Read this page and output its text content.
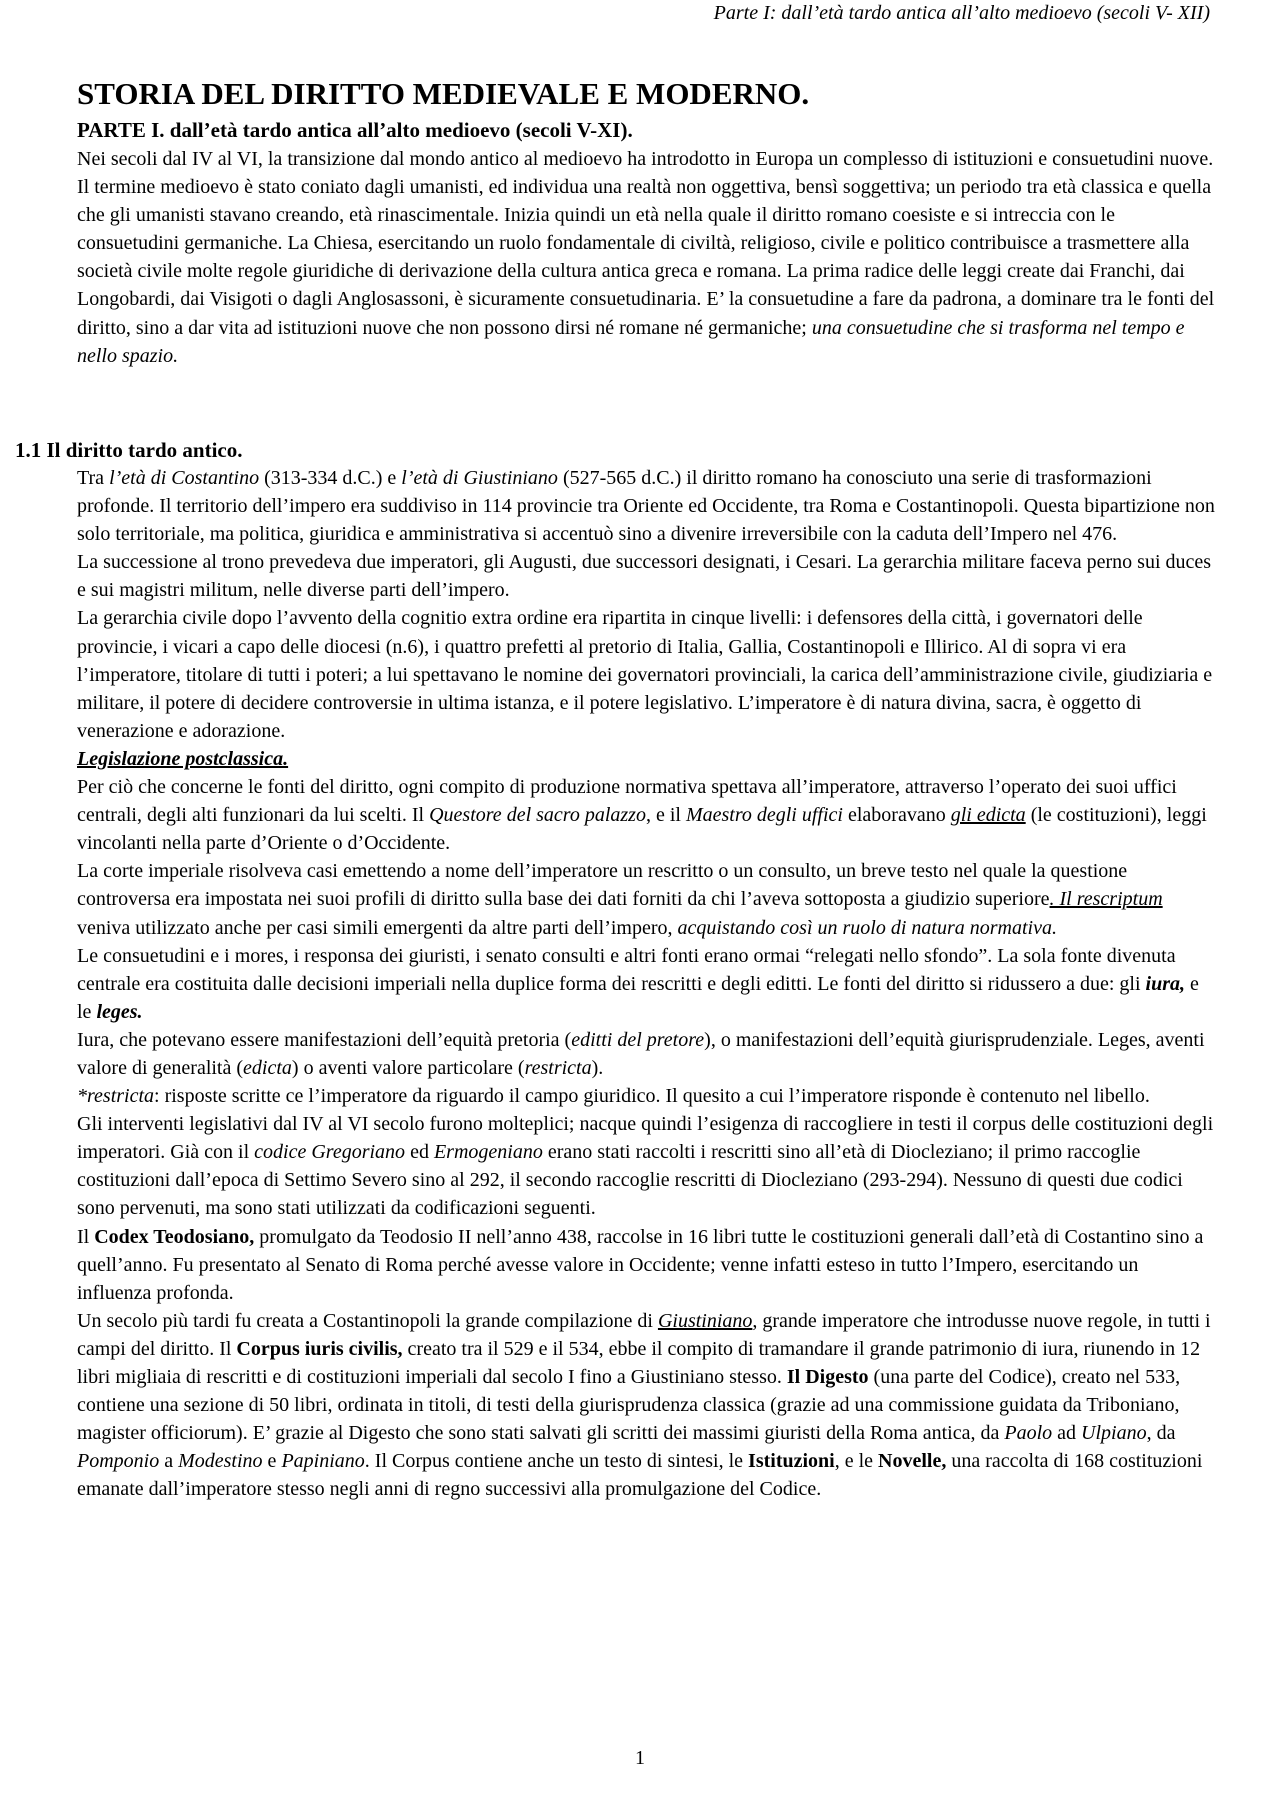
Parte I: dall’età tardo antica all’alto medioevo (secoli V- XII)
STORIA DEL DIRITTO MEDIEVALE E MODERNO.
PARTE I. dall’età tardo antica all’alto medioevo (secoli V-XI).
Nei secoli dal IV al VI, la transizione dal mondo antico al medioevo ha introdotto in Europa un complesso di istituzioni e consuetudini nuove. Il termine medioevo è stato coniato dagli umanisti, ed individua una realtà non oggettiva, bensì soggettiva; un periodo tra età classica e quella che gli umanisti stavano creando, età rinascimentale. Inizia quindi un età nella quale il diritto romano coesiste e si intreccia con le consuetudini germaniche. La Chiesa, esercitando un ruolo fondamentale di civiltà, religioso, civile e politico contribuisce a trasmettere alla società civile molte regole giuridiche di derivazione della cultura antica greca e romana. La prima radice delle leggi create dai Franchi, dai Longobardi, dai Visigoti o dagli Anglosassoni, è sicuramente consuetudinaria. E’ la consuetudine a fare da padrona, a dominare tra le fonti del diritto, sino a dar vita ad istituzioni nuove che non possono dirsi né romane né germaniche; una consuetudine che si trasforma nel tempo e nello spazio.
1.1 Il diritto tardo antico.

Tra l’età di Costantino (313-334 d.C.) e l’età di Giustiniano (527-565 d.C.) il diritto romano ha conosciuto una serie di trasformazioni profonde. Il territorio dell’impero era suddiviso in 114 provincie tra Oriente ed Occidente, tra Roma e Costantinopoli. Questa bipartizione non solo territoriale, ma politica, giuridica e amministrativa si accentuò sino a divenire irreversibile con la caduta dell’Impero nel 476.

La successione al trono prevedeva due imperatori, gli Augusti, due successori designati, i Cesari. La gerarchia militare faceva perno sui duces e sui magistri militum, nelle diverse parti dell’impero.

La gerarchia civile dopo l’avvento della cognitio extra ordine era ripartita in cinque livelli: i defensores della città, i governatori delle provincie, i vicari a capo delle diocesi (n.6), i quattro prefetti al pretorio di Italia, Gallia, Costantinopoli e Illirico. Al di sopra vi era l’imperatore, titolare di tutti i poteri; a lui spettavano le nomine dei governatori provinciali, la carica dell’amministrazione civile, giudiziaria e militare, il potere di decidere controversie in ultima istanza, e il potere legislativo. L’imperatore è di natura divina, sacra, è oggetto di venerazione e adorazione.

Legislazione postclassica.

Per ciò che concerne le fonti del diritto, ogni compito di produzione normativa spettava all’imperatore, attraverso l’operato dei suoi uffici centrali, degli alti funzionari da lui scelti. Il Questore del sacro palazzo, e il Maestro degli uffici elaboravano gli edicta (le costituzioni), leggi vincolanti nella parte d’Oriente o d’Occidente.

La corte imperiale risolveva casi emettendo a nome dell’imperatore un rescritto o un consulto, un breve testo nel quale la questione controversa era impostata nei suoi profili di diritto sulla base dei dati forniti da chi l’aveva sottoposta a giudizio superiore. Il rescriptum veniva utilizzato anche per casi simili emergenti da altre parti dell’impero, acquistando così un ruolo di natura normativa.

Le consuetudini e i mores, i responsa dei giuristi, i senato consulti e altri fonti erano ormai “relegati nello sfondo”. La sola fonte divenuta centrale era costituita dalle decisioni imperiali nella duplice forma dei rescritti e degli editti. Le fonti del diritto si ridussero a due: gli iura, e le leges.

Iura, che potevano essere manifestazioni dell’equità pretoria (editti del pretore), o manifestazioni dell’equità giurisprudenziale. Leges, aventi valore di generalità (edicta) o aventi valore particolare (restricta).

*restricta: risposte scritte ce l’imperatore da riguardo il campo giuridico. Il quesito a cui l’imperatore risponde è contenuto nel libello.

Gli interventi legislativi dal IV al VI secolo furono molteplici; nacque quindi l’esigenza di raccogliere in testi il corpus delle costituzioni degli imperatori. Già con il codice Gregoriano ed Ermogeniano erano stati raccolti i rescritti sino all’età di Diocleziano; il primo raccoglie costituzioni dall’epoca di Settimo Severo sino al 292, il secondo raccoglie rescritti di Diocleziano (293-294). Nessuno di questi due codici sono pervenuti, ma sono stati utilizzati da codificazioni seguenti.

Il Codex Teodosiano, promulgato da Teodosio II nell’anno 438, raccolse in 16 libri tutte le costituzioni generali dall’età di Costantino sino a quell’anno. Fu presentato al Senato di Roma perché avesse valore in Occidente; venne infatti esteso in tutto l’Impero, esercitando un influenza profonda.

Un secolo più tardi fu creata a Costantinopoli la grande compilazione di Giustiniano, grande imperatore che introdusse nuove regole, in tutti i campi del diritto. Il Corpus iuris civilis, creato tra il 529 e il 534, ebbe il compito di tramandare il grande patrimonio di iura, riunendo in 12 libri migliaia di rescritti e di costituzioni imperiali dal secolo I fino a Giustiniano stesso. Il Digesto (una parte del Codice), creato nel 533, contiene una sezione di 50 libri, ordinata in titoli, di testi della giurisprudenza classica (grazie ad una commissione guidata da Triboniano, magister officiorum). E’ grazie al Digesto che sono stati salvati gli scritti dei massimi giuristi della Roma antica, da Paolo ad Ulpiano, da Pomponio a Modestino e Papiniano. Il Corpus contiene anche un testo di sintesi, le Istituzioni, e le Novelle, una raccolta di 168 costituzioni emanate dall’imperatore stesso negli anni di regno successivi alla promulgazione del Codice.

1
